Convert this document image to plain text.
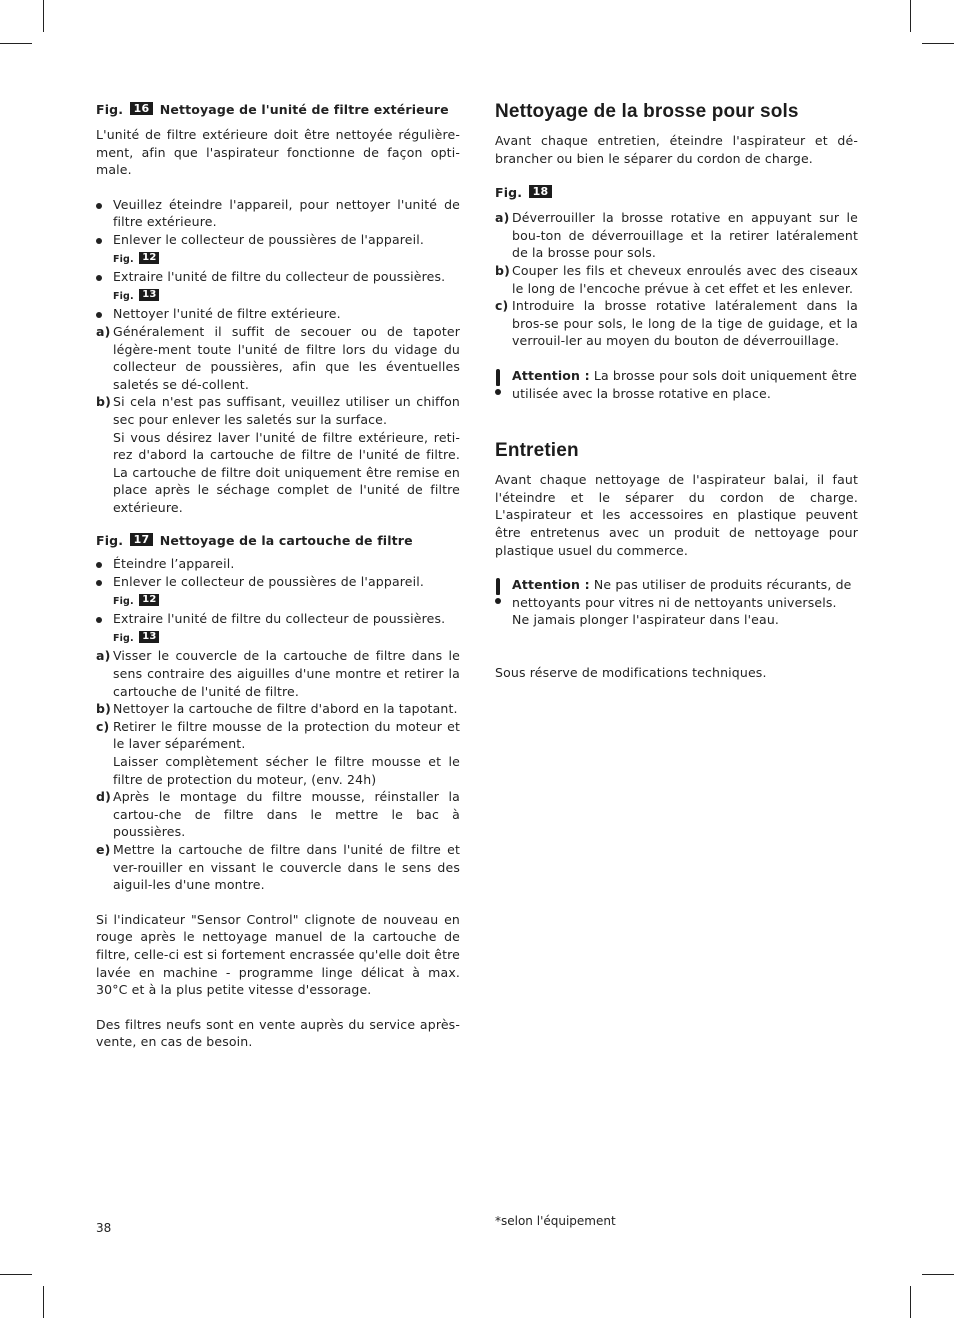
Fig. 16 Nettoyage de l'unité de filtre extérieure

L'unité de filtre extérieure doit être nettoyée régulière-ment, afin que l'aspirateur fonctionne de façon opti-male.

Veuillez éteindre l'appareil, pour nettoyer l'unité de filtre extérieure.
Enlever le collecteur de poussières de l'appareil.
Fig. 12
Extraire l'unité de filtre du collecteur de poussières.
Fig. 13
Nettoyer l'unité de filtre extérieure.
a) Généralement il suffit de secouer ou de tapoter légère-ment toute l'unité de filtre lors du vidage du collecteur de poussières, afin que les éventuelles saletés se dé-collent.
b) Si cela n'est pas suffisant, veuillez utiliser un chiffon sec pour enlever les saletés sur la surface.
Si vous désirez laver l'unité de filtre extérieure, reti-rez d'abord la cartouche de filtre de l'unité de filtre. La cartouche de filtre doit uniquement être remise en place après le séchage complet de l'unité de filtre extérieure.
Fig. 17 Nettoyage de la cartouche de filtre
Éteindre l’appareil.
Enlever le collecteur de poussières de l'appareil.
Fig. 12
Extraire l'unité de filtre du collecteur de poussières.
Fig. 13
a) Visser le couvercle de la cartouche de filtre dans le sens contraire des aiguilles d'une montre et retirer la cartouche de l'unité de filtre.
b) Nettoyer la cartouche de filtre d'abord en la tapotant.
c) Retirer le filtre mousse de la protection du moteur et le laver séparément.
Laisser complètement sécher le filtre mousse et le filtre de protection du moteur, (env. 24h)
d) Après le montage du filtre mousse, réinstaller la cartou-che de filtre dans le mettre le bac à poussières.
e) Mettre la cartouche de filtre dans l'unité de filtre et ver-rouiller en vissant le couvercle dans le sens des aiguil-les d'une montre.

Si l'indicateur "Sensor Control" clignote de nouveau en rouge après le nettoyage manuel de la cartouche de filtre, celle-ci est si fortement encrassée qu'elle doit être lavée en machine - programme linge délicat à max. 30°C et à la plus petite vitesse d'essorage.

Des filtres neufs sont en vente auprès du service après-vente, en cas de besoin.

Nettoyage de la brosse pour sols

Avant chaque entretien, éteindre l'aspirateur et dé-brancher ou bien le séparer du cordon de charge.

Fig. 18
a) Déverrouiller la brosse rotative en appuyant sur le bou-ton de déverrouillage et la retirer latéralement de la brosse pour sols.
b) Couper les fils et cheveux enroulés avec des ciseaux le long de l'encoche prévue à cet effet et les enlever.
c) Introduire la brosse rotative latéralement dans la bros-se pour sols, le long de la tige de guidage, et la verrouil-ler au moyen du bouton de déverrouillage.
Attention : La brosse pour sols doit uniquement être utilisée avec la brosse rotative en place.
Entretien

Avant chaque nettoyage de l'aspirateur balai, il faut l'éteindre et le séparer du cordon de charge. L'aspirateur et les accessoires en plastique peuvent être entretenus avec un produit de nettoyage pour plastique usuel du commerce.

Attention : Ne pas utiliser de produits récurants, de nettoyants pour vitres ni de nettoyants universels. Ne jamais plonger l'aspirateur dans l'eau.

Sous réserve de modifications techniques.

38	*selon l'équipement
